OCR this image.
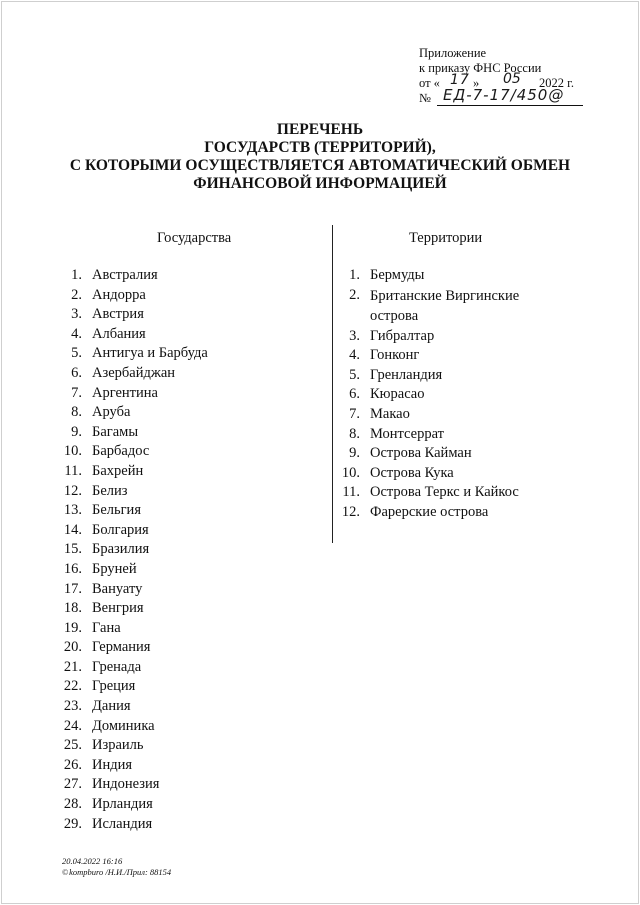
Приложение
к приказу ФНС России
от « 17 » 05 2022 г.

№ ЕД-7-17/450@
ПЕРЕЧЕНЬ
ГОСУДАРСТВ (ТЕРРИТОРИЙ),
С КОТОРЫМИ ОСУЩЕСТВЛЯЕТСЯ АВТОМАТИЧЕСКИЙ ОБМЕН
ФИНАНСОВОЙ ИНФОРМАЦИЕЙ
Государства	Территории
1. Австралия
2. Андорра
3. Австрия
4. Албания
5. Антигуа и Барбуда
6. Азербайджан
7. Аргентина
8. Аруба
9. Багамы
10. Барбадос
11. Бахрейн
12. Белиз
13. Бельгия
14. Болгария
15. Бразилия
16. Бруней
17. Вануату
18. Венгрия
19. Гана
20. Германия
21. Гренада
22. Греция
23. Дания
24. Доминика
25. Израиль
26. Индия
27. Индонезия
28. Ирландия
29. Исландия
1. Бермуды
2. Британские Виргинские острова
3. Гибралтар
4. Гонконг
5. Гренландия
6. Кюрасао
7. Макао
8. Монтсеррат
9. Острова Кайман
10. Острова Кука
11. Острова Теркс и Кайкос
12. Фарерские острова
20.04.2022 16:16
©kompburo /Н.И./Прил: 88154
